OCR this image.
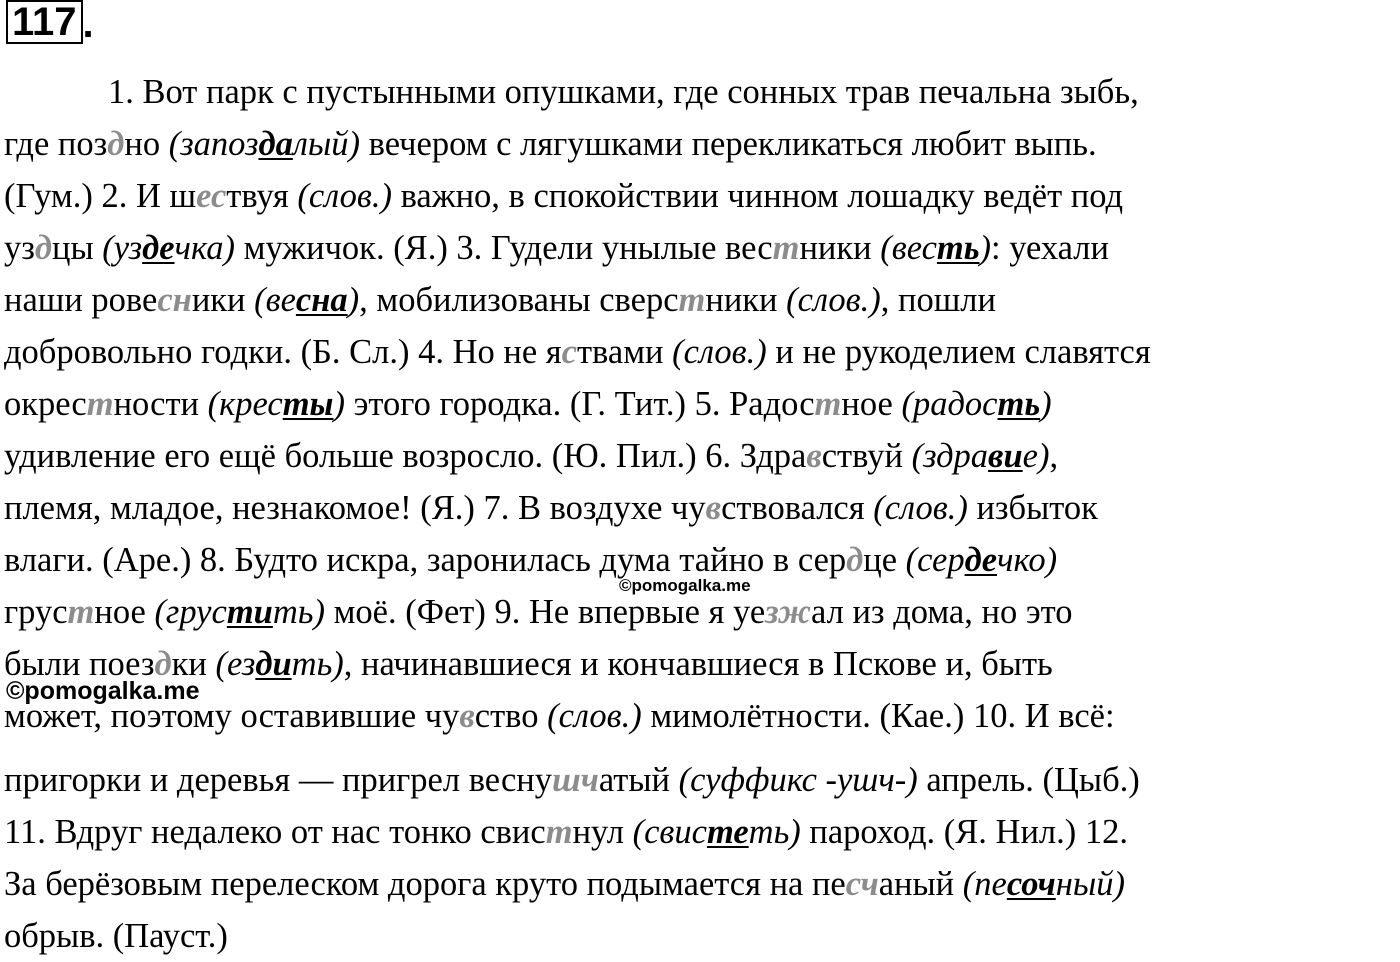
117 .
1. Вот парк с пустынными опушками, где сонных трав печальна зыбь,
где поздно (запоздалый) вечером с лягушками перекликаться любит выпь.
(Гум.) 2. И шествуя (слов.) важно, в спокойствии чинном лошадку ведёт под
уздцы (уздечка) мужичок. (Я.) 3. Гудели унылые вестники (весть): уехали
наши ровесники (весна), мобилизованы сверстники (слов.), пошли
добровольно годки. (Б. Сл.) 4. Но не яствами (слов.) и не рукоделием славятся
окрестности (кресты) этого городка. (Г. Тит.) 5. Радостное (радость)
удивление его ещё больше возросло. (Ю. Пил.) 6. Здравствуй (здравие),
племя, младое, незнакомое! (Я.) 7. В воздухе чувствовался (слов.) избыток
влаги. (Аре.) 8. Будто искра, заронилась дума тайно в сердце (сердечко)
грустное (грустить) моё. (Фет) 9. Не впервые я уезжал из дома, но это
были поездки (ездить), начинавшиеся и кончавшиеся в Пскове и, быть
может, поэтому оставившие чувство (слов.) мимолётности. (Кае.) 10. И всё:
пригорки и деревья — пригрел веснушчатый (суффикс -ушч-) апрель. (Цыб.)
11. Вдруг недалеко от нас тонко свистнул (свистеть) пароход. (Я. Нил.) 12.
За берёзовым перелеском дорога круто подымается на песчаный (песочный)
обрыв. (Пауст.)
©pomogalka.me
©pomogalka.me
